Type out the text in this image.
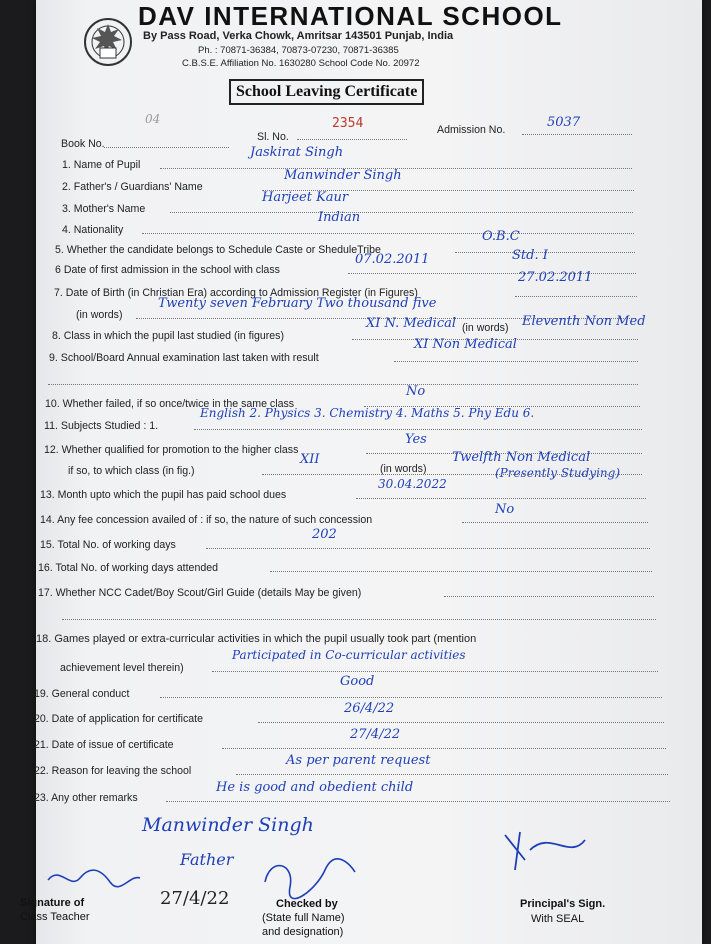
DAV INTERNATIONAL SCHOOL
By Pass Road, Verka Chowk, Amritsar 143501 Punjab, India
Ph. : 70871-36384, 70873-07230, 70871-36385
C.B.S.E. Affiliation No. 1630280 School Code No. 20972
School Leaving Certificate
Book No.
04
Sl. No.
2354	Admission No.	5037
1. Name of Pupil
Jaskirat Singh
2. Father's / Guardians' Name
Manwinder Singh
3. Mother's Name
Harjeet Kaur
4. Nationality
Indian
5. Whether the candidate belongs to Schedule Caste or SheduleTribe
O.B.C
6 Date of first admission in the school with class
07.02.2011	Std. I
7. Date of Birth (in Christian Era) according to Admission Register (in Figures)
27.02.2011
(in words)
Twenty seven February Two thousand five
8. Class in which the pupil last studied (in figures)
XI N. Medical (in words) Eleventh Non Med
9. School/Board Annual examination last taken with result
XI Non Medical
10. Whether failed, if so once/twice in the same class
No
11. Subjects Studied : 1.
English 2. Physics 3. Chemistry 4. Maths 5. Phy Edu 6.
12. Whether qualified for promotion to the higher class
Yes
if so, to which class (in fig.)
XII
(in words)
Twelfth Non Medical
(Presently Studying)
13. Month upto which the pupil has paid school dues
30.04.2022
14. Any fee concession availed of : if so, the nature of such concession
No
15. Total No. of working days
202
16. Total No. of working days attended
17. Whether NCC Cadet/Boy Scout/Girl Guide (details May be given)
18. Games played or extra-curricular activities in which the pupil usually took part (mention
achievement level therein)
Participated in Co-curricular activities
19. General conduct
Good
20. Date of application for certificate
26/4/22
21. Date of issue of certificate
27/4/22
22. Reason for leaving the school
As per parent request
23. Any other remarks
He is good and obedient child
Manwinder Singh
Father
27/4/22
Signature of
Class Teacher
Checked by
(State full Name)
and designation)
Principal's Sign.
With SEAL
